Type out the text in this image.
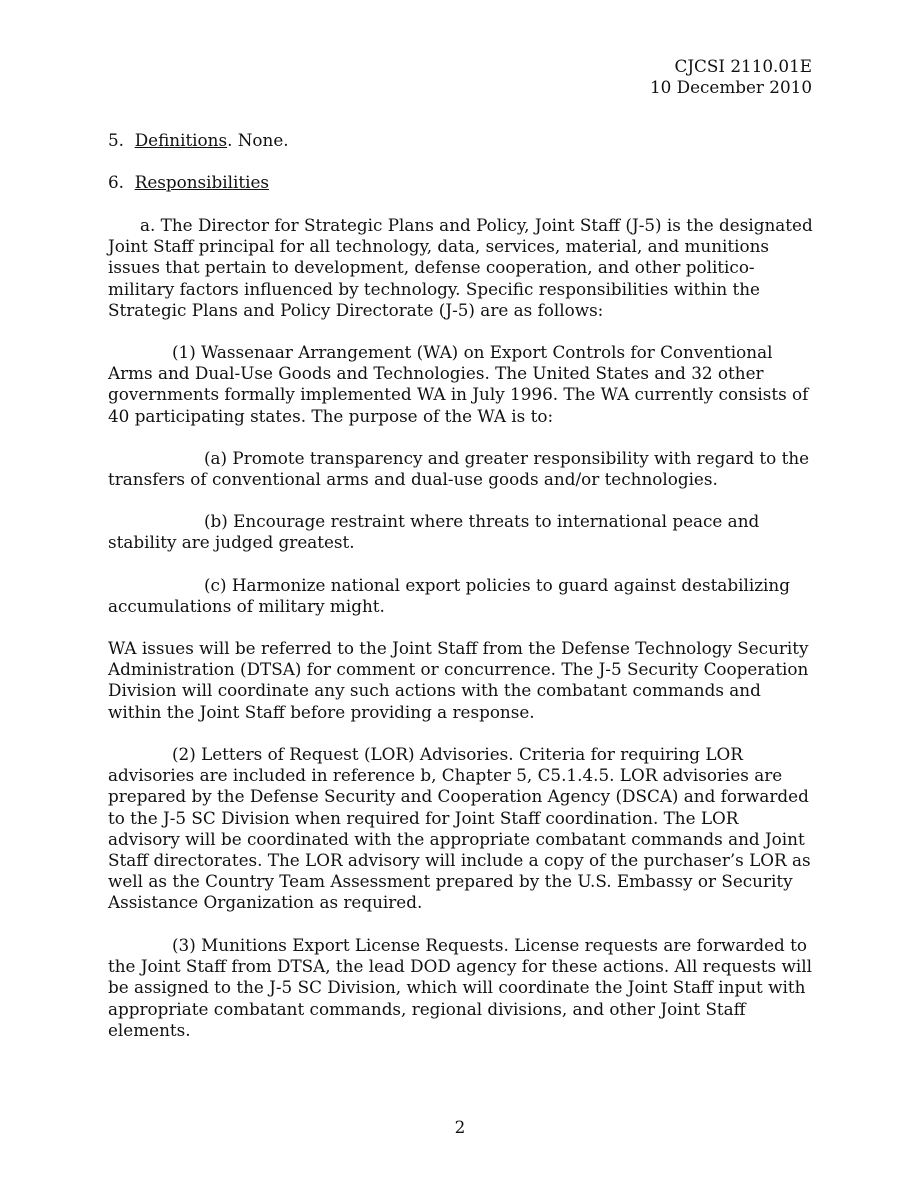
CJCSI 2110.01E
10 December 2010
5. Definitions. None.
6. Responsibilities
a. The Director for Strategic Plans and Policy, Joint Staff (J-5) is the designated Joint Staff principal for all technology, data, services, material, and munitions issues that pertain to development, defense cooperation, and other politico-military factors influenced by technology. Specific responsibilities within the Strategic Plans and Policy Directorate (J-5) are as follows:
(1) Wassenaar Arrangement (WA) on Export Controls for Conventional Arms and Dual-Use Goods and Technologies. The United States and 32 other governments formally implemented WA in July 1996. The WA currently consists of 40 participating states. The purpose of the WA is to:
(a) Promote transparency and greater responsibility with regard to the transfers of conventional arms and dual-use goods and/or technologies.
(b) Encourage restraint where threats to international peace and stability are judged greatest.
(c) Harmonize national export policies to guard against destabilizing accumulations of military might.
WA issues will be referred to the Joint Staff from the Defense Technology Security Administration (DTSA) for comment or concurrence. The J-5 Security Cooperation Division will coordinate any such actions with the combatant commands and within the Joint Staff before providing a response.
(2) Letters of Request (LOR) Advisories. Criteria for requiring LOR advisories are included in reference b, Chapter 5, C5.1.4.5. LOR advisories are prepared by the Defense Security and Cooperation Agency (DSCA) and forwarded to the J-5 SC Division when required for Joint Staff coordination. The LOR advisory will be coordinated with the appropriate combatant commands and Joint Staff directorates. The LOR advisory will include a copy of the purchaser’s LOR as well as the Country Team Assessment prepared by the U.S. Embassy or Security Assistance Organization as required.
(3) Munitions Export License Requests. License requests are forwarded to the Joint Staff from DTSA, the lead DOD agency for these actions. All requests will be assigned to the J-5 SC Division, which will coordinate the Joint Staff input with appropriate combatant commands, regional divisions, and other Joint Staff elements.
2
